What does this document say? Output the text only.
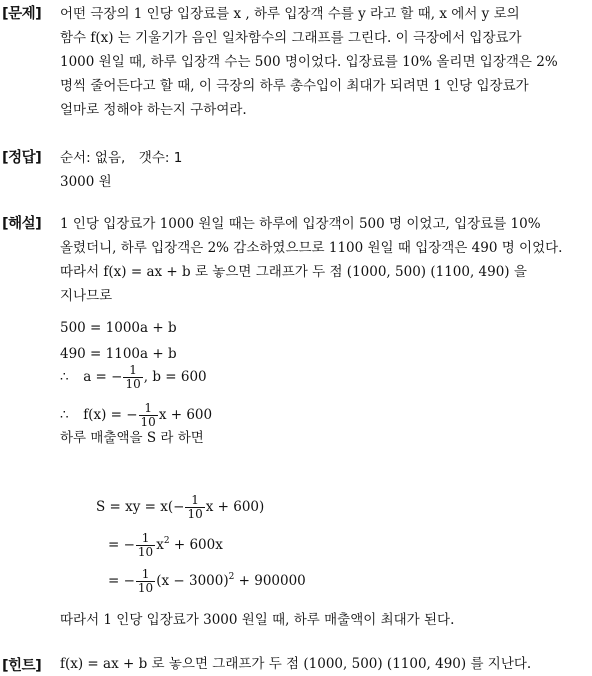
[문제] 어떤 극장의 1 인당 입장료를 x , 하루 입장객 수를 y 라고 할 때, x 에서 y 로의
함수 f(x) 는 기울기가 음인 일차함수의 그래프를 그린다. 이 극장에서 입장료가
1000 원일 때, 하루 입장객 수는 500 명이었다. 입장료를 10% 올리면 입장객은 2%
명씩 줄어든다고 할 때, 이 극장의 하루 총수입이 최대가 되려면 1 인당 입장료가
얼마로 정해야 하는지 구하여라.
[정답] 순서: 없음,　갯수: 1
3000 원
[해설] 1 인당 입장료가 1000 원일 때는 하루에 입장객이 500 명 이었고, 입장료를 10%
올렸더니, 하루 입장객은 2% 감소하였으므로 1100 원일 때 입장객은 490 명 이었다.
따라서 f(x) = ax + b 로 놓으면 그래프가 두 점 (1000, 500) (1100, 490) 을
지나므로
500 = 1000a + b
490 = 1100a + b
∴ a = − $\frac{1}{10}$ , b = 600
∴ f(x) = − $\frac{1}{10}$ x + 600
하루 매출액을 S 라 하면
S = xy = $x(- \frac{1}{10}$ x + 600)
= − $\frac{1}{10} x^2 + 600x$
= − $\frac{1}{10} (x - 3000)^2 + 900000$
따라서 1 인당 입장료가 3000 원일 때, 하루 매출액이 최대가 된다.
[힌트] f(x) = ax + b 로 놓으면 그래프가 두 점 (1000, 500) (1100, 490) 를 지난다.
